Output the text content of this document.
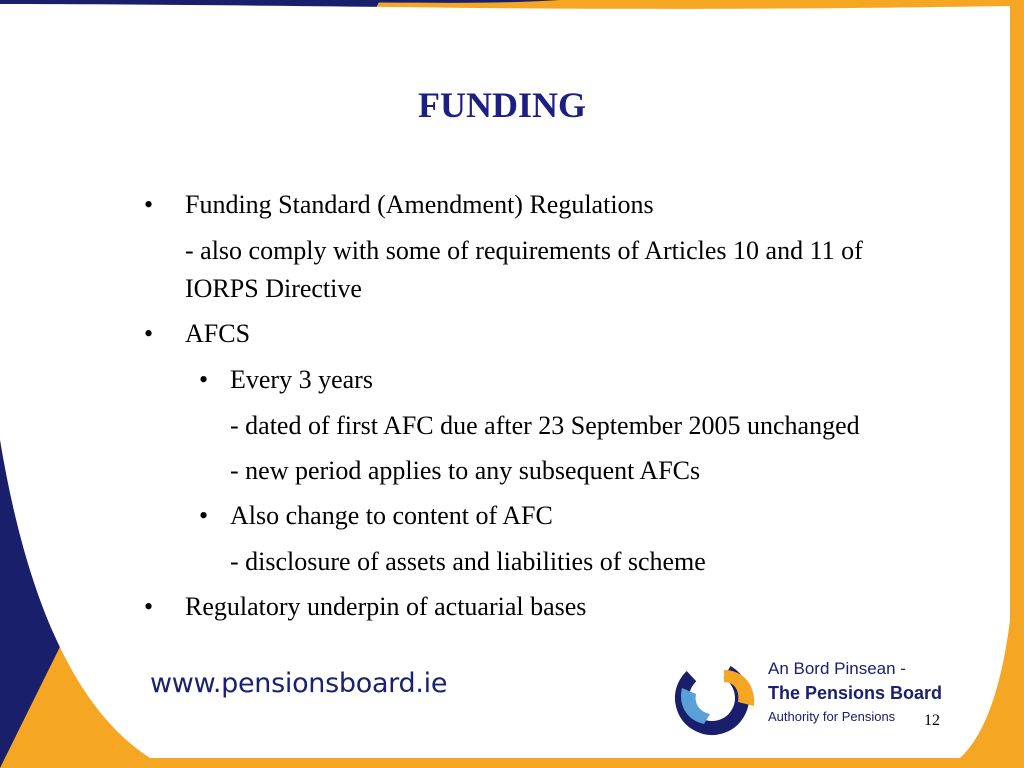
FUNDING
• Funding Standard (Amendment) Regulations
- also comply with some of requirements of Articles 10 and 11 of IORPS Directive
• AFCS
• Every 3 years
- dated of first AFC due after 23 September 2005 unchanged
- new period applies to any subsequent AFCs
• Also change to content of AFC
- disclosure of assets and liabilities of scheme
• Regulatory underpin of actuarial bases
www.pensionsboard.ie	An Bord Pinsean -
The Pensions Board
Authority for Pensions	12
